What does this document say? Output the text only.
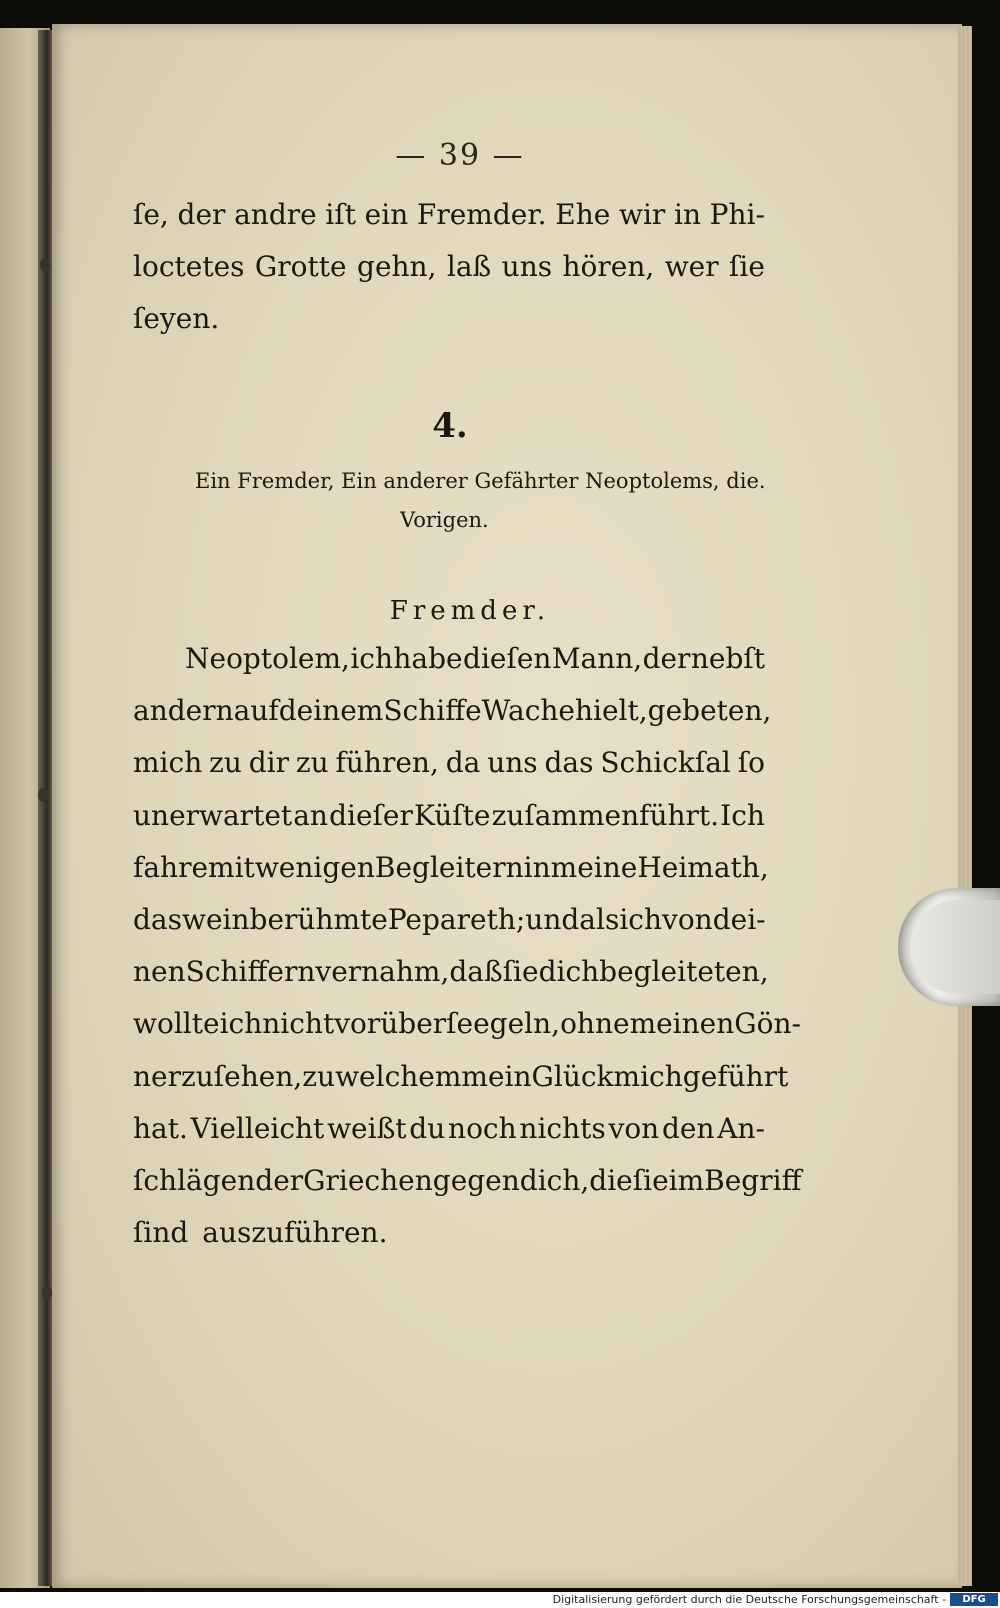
— 39 —
ſe, der andre iſt ein Fremder. Ehe wir in Phi-
loctetes Grotte gehn, laß uns hören, wer ſie
ſeyen.
4.
Ein Fremder, Ein anderer Gefährter Neoptolems, die.
Vorigen.
Fremder.
Neoptolem, ich habe dieſen Mann, der nebſt
andern auf deinem Schiffe Wache hielt, gebeten,
mich zu dir zu führen, da uns das Schickſal ſo
unerwartet an dieſer Küſte zuſammenführt. Ich
fahre mit wenigen Begleitern in meine Heimath,
das weinberühmte Pepareth; und als ich von dei-
nen Schiffern vernahm, daß ſie dich begleiteten,
wollte ich nicht vorüberſeegeln, ohne meinen Gön-
ner zu ſehen, zu welchem mein Glück mich geführt
hat. Vielleicht weißt du noch nichts von den An-
ſchlägen der Griechen gegen dich, die ſie im Begriff
ſind auszuführen.
Digitalisierung gefördert durch die Deutsche Forschungsgemeinschaft -	DFG
